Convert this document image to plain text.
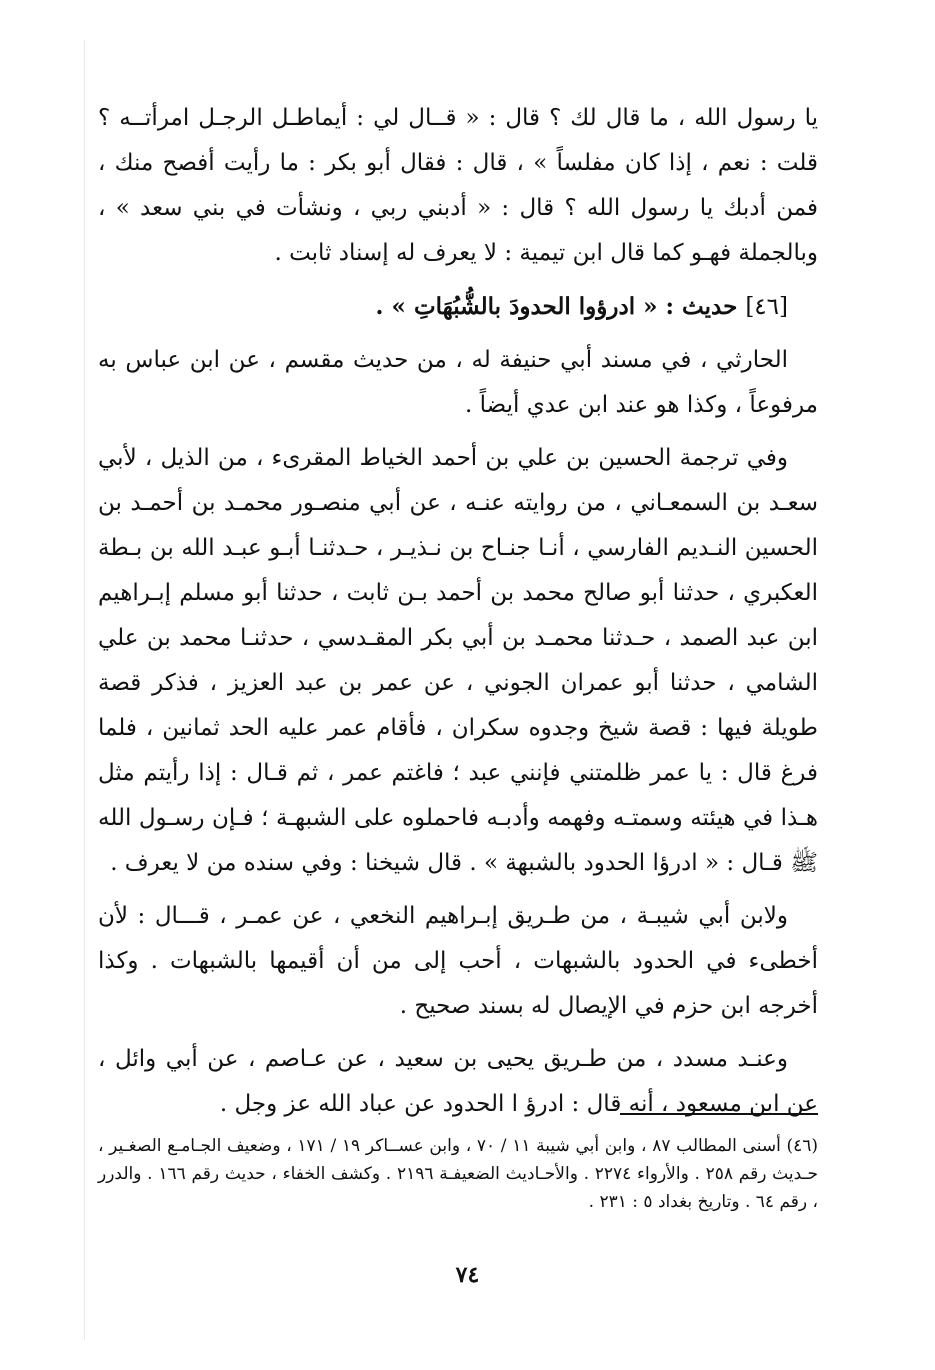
يا رسول الله ، ما قال لك ؟ قال : « قــال لي : أيماطـل الرجـل امرأتــه ؟ قلت : نعم ، إذا كان مفلساً » ، قال : فقال أبو بكر : ما رأيت أفصح منك ، فمن أدبك يا رسول الله ؟ قال : « أدبني ربي ، ونشأت في بني سعد » ، وبالجملة فهـو كما قال ابن تيمية : لا يعرف له إسناد ثابت .

[٤٦] حديث : « ادرؤوا الحدودَ بالشُّبُهَاتِ » .

الحارثي ، في مسند أبي حنيفة له ، من حديث مقسم ، عن ابن عباس به مرفوعاً ، وكذا هو عند ابن عدي أيضاً .

وفي ترجمة الحسين بن علي بن أحمد الخياط المقرىء ، من الذيل ، لأبي سعـد بن السمعـاني ، من روايته عنـه ، عن أبي منصـور محمـد بن أحمـد بن الحسين النـديم الفارسي ، أنـا جنـاح بن نـذيـر ، حـدثنـا أبـو عبـد الله بن بـطة العكبري ، حدثنا أبو صالح محمد بن أحمد بـن ثابت ، حدثنا أبو مسلم إبـراهيم ابن عبد الصمد ، حـدثنا محمـد بن أبي بكر المقـدسي ، حدثنـا محمد بن علي الشامي ، حدثنا أبو عمران الجوني ، عن عمر بن عبد العزيز ، فذكر قصة طويلة فيها : قصة شيخ وجدوه سكران ، فأقام عمر عليه الحد ثمانين ، فلما فرغ قال : يا عمر ظلمتني فإنني عبد ؛ فاغتم عمر ، ثم قـال : إذا رأيتم مثل هـذا في هيئته وسمتـه وفهمه وأدبـه فاحملوه على الشبهـة ؛ فـإن رسـول الله ﷺ قـال : « ادرؤا الحدود بالشبهة » . قال شيخنا : وفي سنده من لا يعرف .

ولابن أبي شيبـة ، من طـريق إبـراهيم النخعي ، عن عمـر ، قـــال : لأن أخطىء في الحدود بالشبهات ، أحب إلى من أن أقيمها بالشبهات . وكذا أخرجه ابن حزم في الإيصال له بسند صحيح .

وعنـد مسدد ، من طـريق يحيى بن سعيد ، عن عـاصم ، عن أبي وائل ، عن ابن مسعود ، أنه قال : ادرؤ ا الحدود عن عباد الله عز وجل .

(٤٦) أسنى المطالب ٨٧ ، وابن أبي شيبة ١١ / ٧٠ ، وابن عســاكر ١٩ / ١٧١ ، وضعيف الجـامـع الصغـير ، حـديث رقم ٢٥٨ . والأرواء ٢٢٧٤ . والأحـاديث الضعيفـة ٢١٩٦ . وكشف الخفاء ، حديث رقم ١٦٦ . والدرر ، رقم ٦٤ . وتاريخ بغداد ٥ : ٢٣١ .

٧٤
